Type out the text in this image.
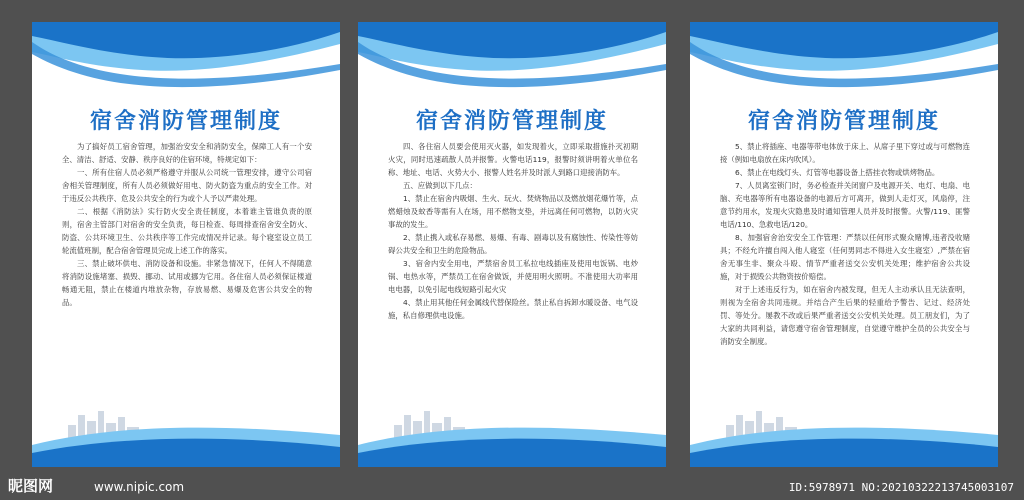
宿舍消防管理制度

为了搞好员工宿舍管理，加强治安安全和消防安全，保障工人有一个安全、清洁、舒适、安静、秩序良好的住宿环境，特规定如下：

一、所有住宿人员必须严格遵守并服从公司统一管理安排，遵守公司宿舍相关管理制度，所有人员必须做好用电、防火防盗为重点的安全工作。对于违反公共秩序、危及公共安全的行为或个人予以严肃处理。

二、根据《消防法》实行防火安全责任制度，本着谁主管谁负责的原则，宿舍主管部门对宿舍的安全负责，每日检查、每周排查宿舍安全防火、防盗、公共环境卫生、公共秩序等工作完成情况并记录。每个寝室设立员工轮流值班制，配合宿舍管理员完成上述工作的落实。

三、禁止破坏供电、消防设备和设施。非紧急情况下，任何人不得随意将消防设施堵塞、损毁、挪动、试用或挪为它用。各住宿人员必须保证楼道畅通无阻，禁止在楼道内堆放杂物，存放易燃、易爆及危害公共安全的物品。

宿舍消防管理制度

四、各住宿人员要会使用灭火器，如发现着火，立即采取措施扑灭初期火灾，同时迅速疏散人员并报警。火警电话119，报警时须讲明着火单位名称、地址、电话、火势大小、报警人姓名并及时派人到路口迎接消防车。

五、应做到以下几点：

1、禁止在宿舍内吸烟、生火、玩火、焚烧物品以及燃放烟花爆竹等，点燃蜡烛及蚊香等需有人在场，用不燃物支垫，并远离任何可燃物，以防火灾事故的发生。

2、禁止携入或私存易燃、易爆、有毒、剧毒以及有腐蚀性、传染性等妨碍公共安全和卫生的危险物品。

3、宿舍内安全用电，严禁宿舍员工私拉电线插座及使用电饭锅、电炒锅、电热水等，严禁员工在宿舍做饭，并使用明火照明。不准使用大功率用电电器，以免引起电线短路引起火灾

4、禁止用其他任何金属线代替保险丝。禁止私自拆卸水暖设备、电气设施，私自修理供电设施。

宿舍消防管理制度

5、禁止将插座、电器等带电体放于床上、从席子里下穿过或与可燃物连接（例如电扇放在床内吹风）。

6、禁止在电线灯头、灯管等电器设备上搭挂衣物或烘烤物品。

7、人员离室锁门时，务必检查并关闭窗户及电源开关、电灯、电扇、电脑、充电器等所有电器设备的电源后方可离开，做到人走灯灭，风扇停，注意节约用水，发现火灾隐患及时通知管理人员并及时报警。火警/119、匪警电话/110、急救电话/120。

8、加强宿舍治安安全工作管理：严禁以任何形式聚众赌博,违者没收赌具；不经允许擅自闯入他人寝室（任何男同志不得进入女生寝室）,严禁在宿舍无事生非、聚众斗殴、情节严重者送交公安机关处理；维护宿舍公共设施，对于损毁公共物资按价赔偿。

对于上述违反行为，如在宿舍内被发现，但无人主动承认且无法查明，则视为全宿舍共同违规。并结合产生后果的轻重给予警告、记过、经济处罚、等处分。屡教不改或后果严重者送交公安机关处理。员工朋友们，为了大家的共同利益，请您遵守宿舍管理制度，自觉遵守维护全员的公共安全与消防安全制度。

昵图网	www.nipic.com	ID:5978971 NO:20210322213745003107
